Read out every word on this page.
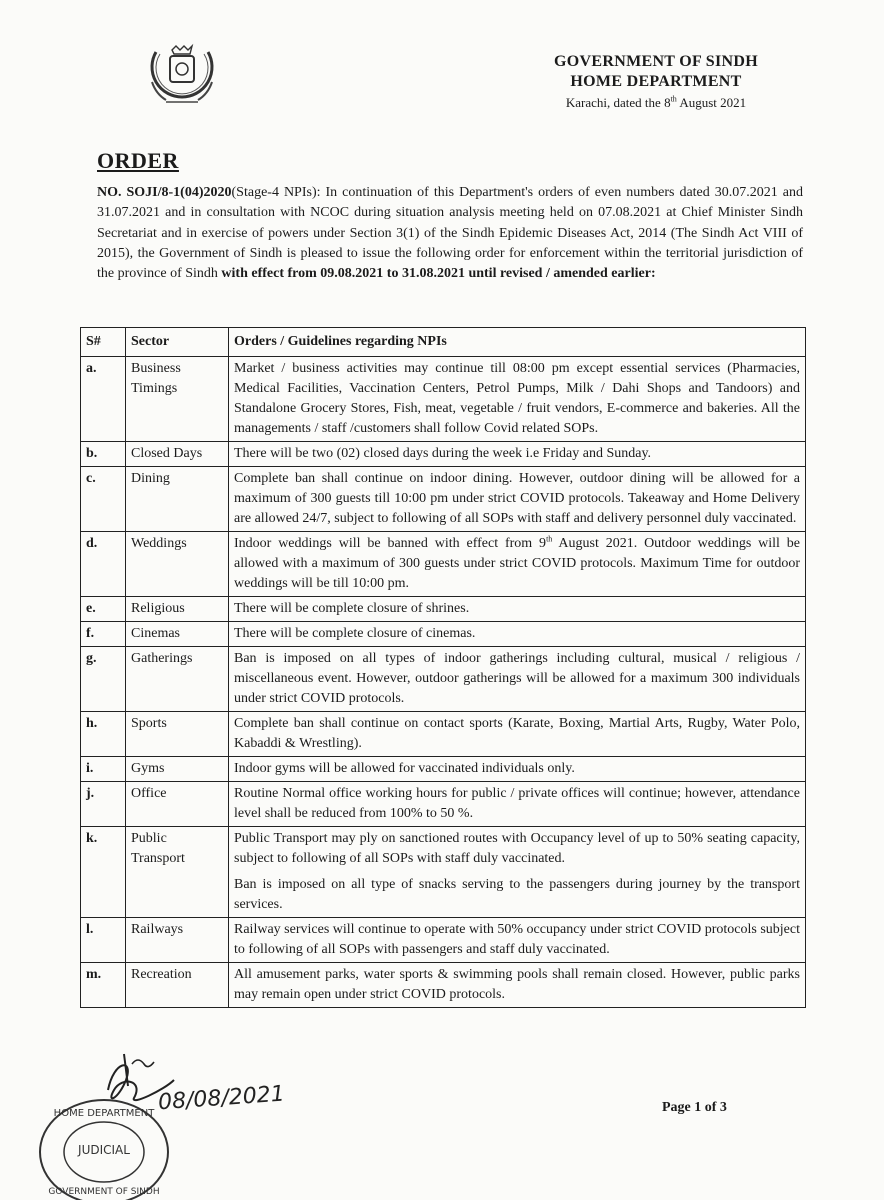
GOVERNMENT OF SINDH
HOME DEPARTMENT
Karachi, dated the 8th August 2021
ORDER
NO. SOJI/8-1(04)2020(Stage-4 NPIs): In continuation of this Department's orders of even numbers dated 30.07.2021 and 31.07.2021 and in consultation with NCOC during situation analysis meeting held on 07.08.2021 at Chief Minister Sindh Secretariat and in exercise of powers under Section 3(1) of the Sindh Epidemic Diseases Act, 2014 (The Sindh Act VIII of 2015), the Government of Sindh is pleased to issue the following order for enforcement within the territorial jurisdiction of the province of Sindh with effect from 09.08.2021 to 31.08.2021 until revised / amended earlier:
S#	Sector	Orders / Guidelines regarding NPIs
a.	Business Timings	Market / business activities may continue till 08:00 pm except essential services (Pharmacies, Medical Facilities, Vaccination Centers, Petrol Pumps, Milk / Dahi Shops and Tandoors) and Standalone Grocery Stores, Fish, meat, vegetable / fruit vendors, E-commerce and bakeries. All the managements / staff /customers shall follow Covid related SOPs.
b.	Closed Days	There will be two (02) closed days during the week i.e Friday and Sunday.
c.	Dining	Complete ban shall continue on indoor dining. However, outdoor dining will be allowed for a maximum of 300 guests till 10:00 pm under strict COVID protocols. Takeaway and Home Delivery are allowed 24/7, subject to following of all SOPs with staff and delivery personnel duly vaccinated.
d.	Weddings	Indoor weddings will be banned with effect from 9th August 2021. Outdoor weddings will be allowed with a maximum of 300 guests under strict COVID protocols. Maximum Time for outdoor weddings will be till 10:00 pm.
e.	Religious	There will be complete closure of shrines.
f.	Cinemas	There will be complete closure of cinemas.
g.	Gatherings	Ban is imposed on all types of indoor gatherings including cultural, musical / religious / miscellaneous event. However, outdoor gatherings will be allowed for a maximum 300 individuals under strict COVID protocols.
h.	Sports	Complete ban shall continue on contact sports (Karate, Boxing, Martial Arts, Rugby, Water Polo, Kabaddi & Wrestling).
i.	Gyms	Indoor gyms will be allowed for vaccinated individuals only.
j.	Office	Routine Normal office working hours for public / private offices will continue; however, attendance level shall be reduced from 100% to 50 %.
k.	Public Transport	Public Transport may ply on sanctioned routes with Occupancy level of up to 50% seating capacity, subject to following of all SOPs with staff duly vaccinated.
Ban is imposed on all type of snacks serving to the passengers during journey by the transport services.

l.	Railways	Railway services will continue to operate with 50% occupancy under strict COVID protocols subject to following of all SOPs with passengers and staff duly vaccinated.
m.	Recreation	All amusement parks, water sports & swimming pools shall remain closed. However, public parks may remain open under strict COVID protocols.
08/08/2021
HOME DEPARTMENT
JUDICIAL
GOVERNMENT OF SINDH
Page 1 of 3
